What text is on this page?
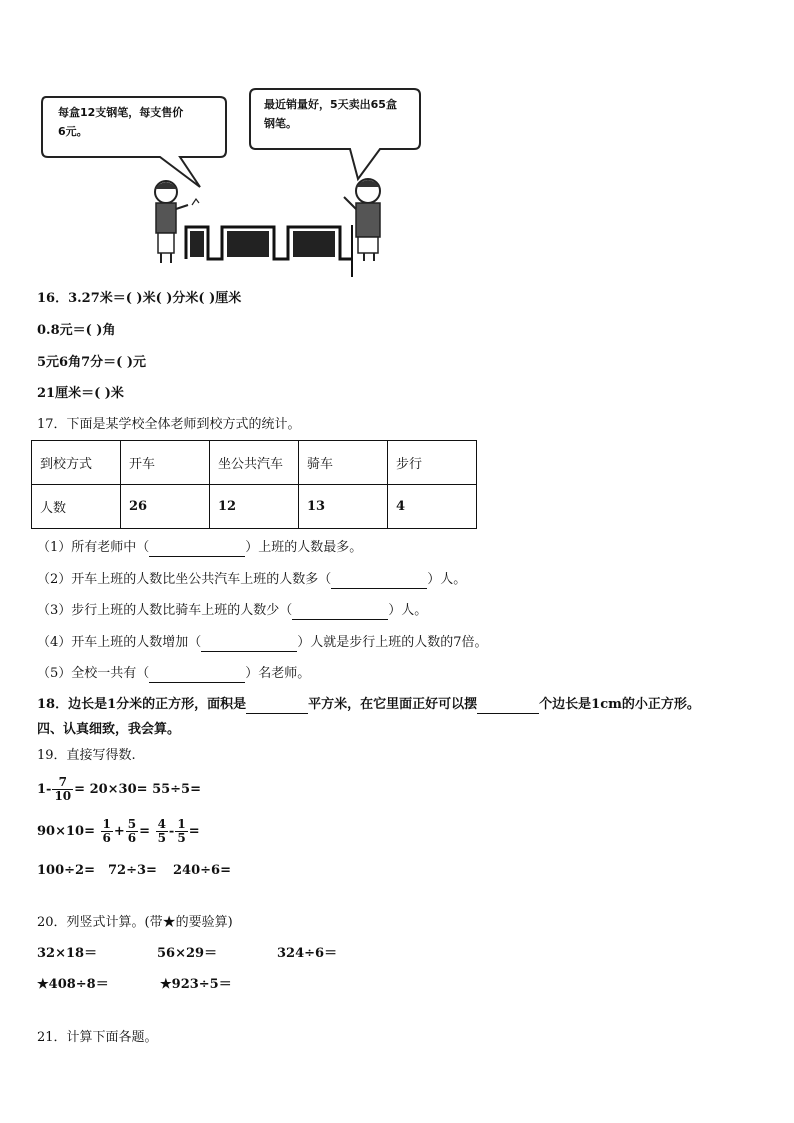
每盒12支钢笔，每支售价
6元。
最近销量好，5天卖出65盒
钢笔。
16．3.27米＝( )米( )分米( )厘米
0.8元＝( )角
5元6角7分＝( )元
21厘米＝( )米
17．下面是某学校全体老师到校方式的统计。
到校方式	开车	坐公共汽车	骑车	步行
人数	26	12	13	4
（1）所有老师中（	）上班的人数最多。
（2）开车上班的人数比坐公共汽车上班的人数多（	）人。
（3）步行上班的人数比骑车上班的人数少（	）人。
（4）开车上班的人数增加（	）人就是步行上班的人数的7倍。
（5）全校一共有（	）名老师。
18．边长是1分米的正方形，面积是	平方米，在它里面正好可以摆	个边长是1cm的小正方形。
四、认真细致，我会算。
19．直接写得数.
$1- \frac{7}{10} = 20\times 30= 55\div 5=$
$90\times 10= \frac{1}{6} + \frac{5}{6} = \frac{4}{5} - \frac{1}{5}$ =
100÷2= 72÷3= 240÷6=
20．列竖式计算。(带★的要验算)
32×18＝	56×29＝	324÷6＝
★408÷8＝	★923÷5＝
21．计算下面各题。
